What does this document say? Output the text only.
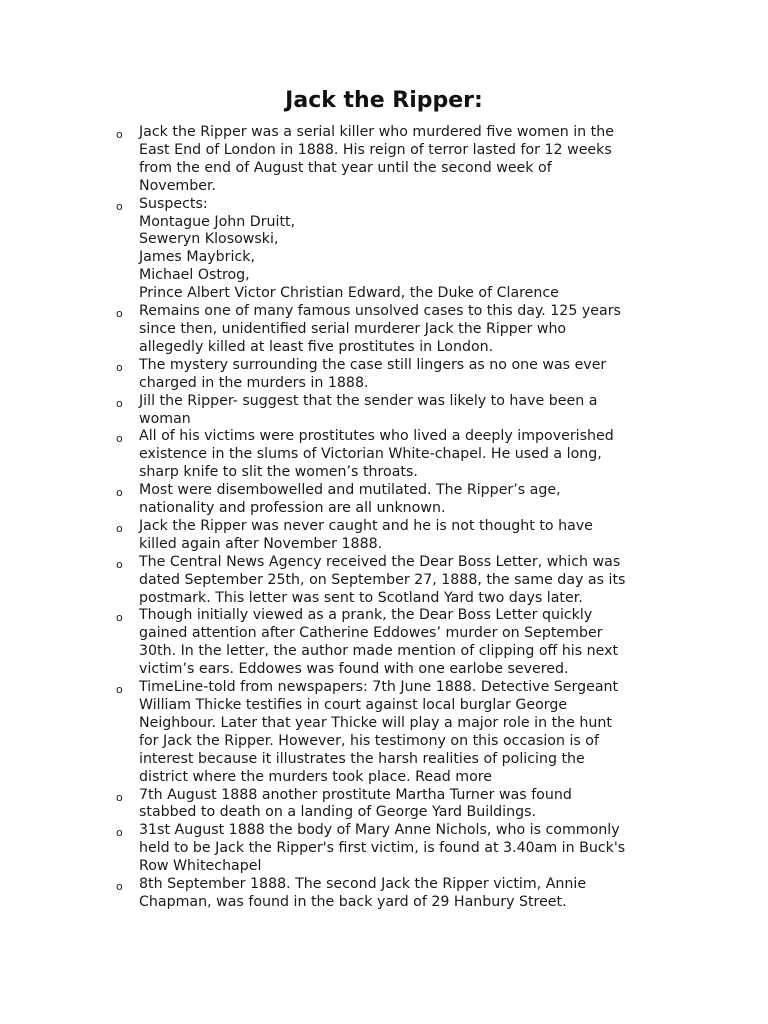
Jack the Ripper:
o Jack the Ripper was a serial killer who murdered five women in the
East End of London in 1888. His reign of terror lasted for 12 weeks
from the end of August that year until the second week of
November.
o Suspects:
Montague John Druitt,
Seweryn Klosowski,
James Maybrick,
Michael Ostrog,
Prince Albert Victor Christian Edward, the Duke of Clarence
o Remains one of many famous unsolved cases to this day. 125 years
since then, unidentified serial murderer Jack the Ripper who
allegedly killed at least five prostitutes in London.
o The mystery surrounding the case still lingers as no one was ever
charged in the murders in 1888.
o Jill the Ripper- suggest that the sender was likely to have been a
woman
o All of his victims were prostitutes who lived a deeply impoverished
existence in the slums of Victorian White-chapel. He used a long,
sharp knife to slit the women’s throats.
o Most were disembowelled and mutilated. The Ripper’s age,
nationality and profession are all unknown.
o Jack the Ripper was never caught and he is not thought to have
killed again after November 1888.
o The Central News Agency received the Dear Boss Letter, which was
dated September 25th, on September 27, 1888, the same day as its
postmark. This letter was sent to Scotland Yard two days later.
o Though initially viewed as a prank, the Dear Boss Letter quickly
gained attention after Catherine Eddowes’ murder on September
30th. In the letter, the author made mention of clipping off his next
victim’s ears. Eddowes was found with one earlobe severed.
o TimeLine-told from newspapers: 7th June 1888. Detective Sergeant
William Thicke testifies in court against local burglar George
Neighbour. Later that year Thicke will play a major role in the hunt
for Jack the Ripper. However, his testimony on this occasion is of
interest because it illustrates the harsh realities of policing the
district where the murders took place. Read more
o 7th August 1888 another prostitute Martha Turner was found
stabbed to death on a landing of George Yard Buildings.
o 31st August 1888 the body of Mary Anne Nichols, who is commonly
held to be Jack the Ripper's first victim, is found at 3.40am in Buck's
Row Whitechapel
o 8th September 1888. The second Jack the Ripper victim, Annie
Chapman, was found in the back yard of 29 Hanbury Street.
